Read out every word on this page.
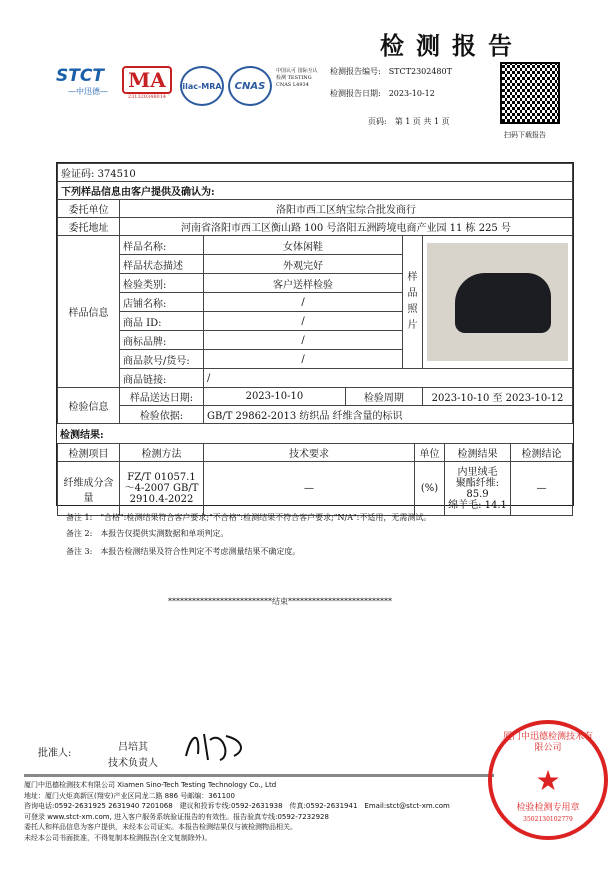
检测报告
STCT
—中迅德—	MA
231320348014
ilac-MRA	CNAS
中国认可 国际互认 检测 TESTING CNAS L4934
检测报告编号: STCT2302480T
检测报告日期: 2023-10-12
页码: 第 1 页 共 1 页
扫码下载报告
验证码: 374510					
下列样品信息由客户提供及确认为:					
委托单位	洛阳市西工区纳宝综合批发商行				
委托地址	河南省洛阳市西工区衡山路 100 号洛阳五洲跨境电商产业园 11 栋 225 号				
样品信息	样品名称:	女体闲鞋		样品照片	

	样品状态描述	外观完好			
	检验类别:	客户送样检验			
	店铺名称:	/			
	商品 ID:	/			
	商标品牌:	/			
	商品款号/货号:	/			
	商品链接:	/			
检验信息	样品送达日期:	2023-10-10	检验周期		2023-10-10 至 2023-10-12
	检验依据:	GB/T 29862-2013 纺织品 纤维含量的标识			
检测结果:
检测项目	检测方法	技术要求	单位	检测结果	检测结论
纤维成分含量	FZ/T 01057.1～4-2007 GB/T 2910.4-2022	—	(%)	内里绒毛
聚酯纤维: 85.9
绵羊毛: 14.1	—
备注 1:　 "合格":检测结果符合客户要求;"不合格":检测结果不符合客户要求;"N/A":不适用，无需测试。
备注 2:　 本报告仅提供实测数据和单项判定。
备注 3:　 本报告检测结果及符合性判定不考虑测量结果不确定度。
**************************结束**************************
批准人:
吕培其
技术负责人
厦门中迅德检测技术有限公司 Xiamen Sino-Tech Testing Technology Co., Ltd
地址：厦门火炬高新区(翔安)产业区同龙二路 886 号邮编：361100
咨询电话:0592-2631925 2631940 7201068　建议和投诉专线:0592-2631938　传真:0592-2631941　Email:stct@stct-xm.com
可登录 www.stct-xm.com, 进入客户服务系统验证报告的有效性。报告验真专线:0592-7232928
委托人和样品信息为客户提供，未经本公司证实。本报告检测结果仅与被检测物品相关。
未经本公司书面批准，不得复制本检测报告(全文复制除外)。
厦门中迅德检测技术有限公司
★
检验检测专用章
3502130102779
